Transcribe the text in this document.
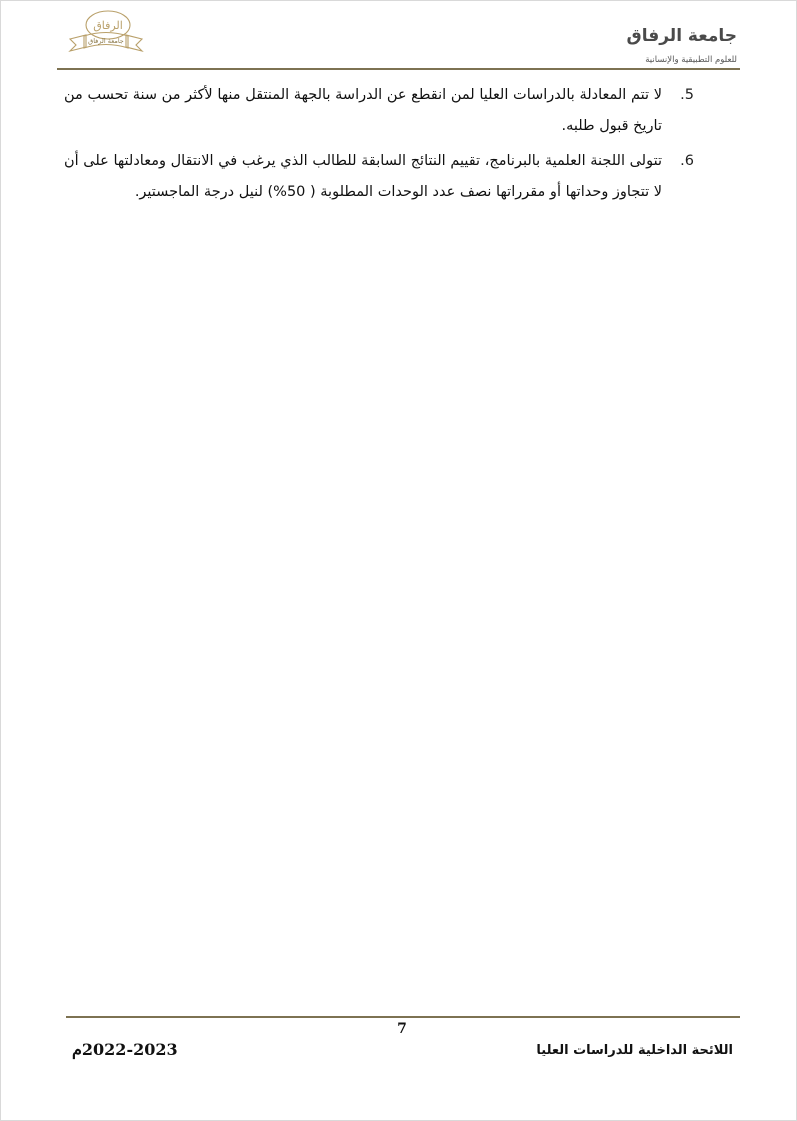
جامعة الرفاق
للعلوم التطبيقية والإنسانية
الرفاق
جامعة الرفاق
5.
لا تتم المعادلة بالدراسات العليا لمن انقطع عن الدراسة بالجهة المنتقل منها لأكثر من سنة تحسب من تاريخ قبول طلبه.
6.
تتولى اللجنة العلمية بالبرنامج، تقييم النتائج السابقة للطالب الذي يرغب في الانتقال ومعادلتها على أن لا تتجاوز وحداتها أو مقرراتها نصف عدد الوحدات المطلوبة ( 50%) لنيل درجة الماجستير.
7
اللائحة الداخلية للدراسات العليا
2022-2023م
